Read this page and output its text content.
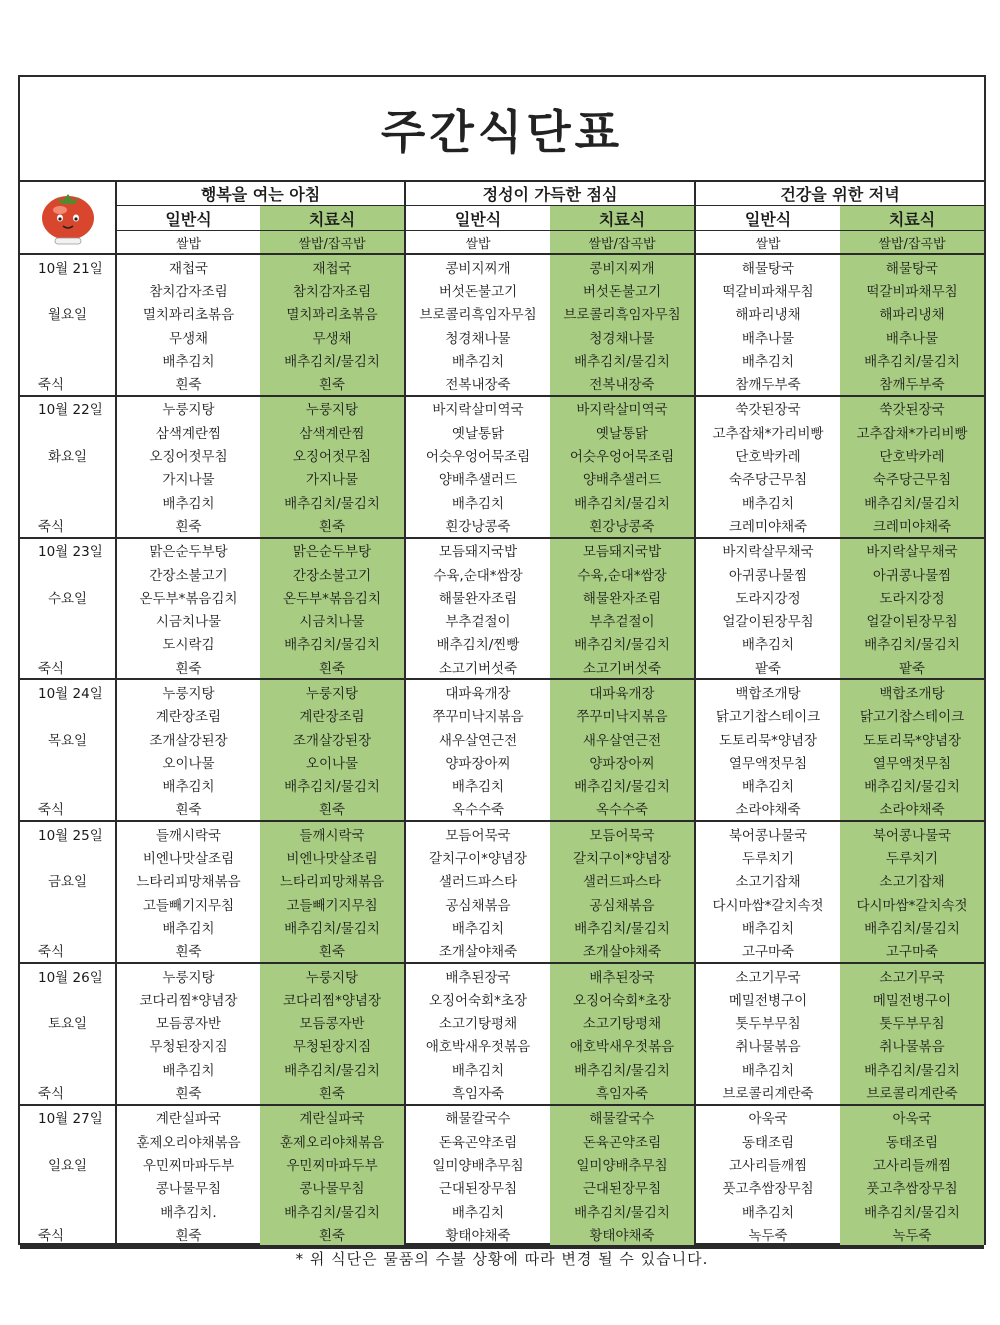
주간식단표
	행복을 여는 아침		정성이 가득한 점심		건강을 위한 저녁	
	일반식	치료식	일반식	치료식	일반식	치료식
	쌀밥	쌀밥/잡곡밥	쌀밥	쌀밥/잡곡밥	쌀밥	쌀밥/잡곡밥
10월 21일	재첩국	재첩국	콩비지찌개	콩비지찌개	해물탕국	해물탕국
	참치감자조림	참치감자조림	버섯돈불고기	버섯돈불고기	떡갈비파채무침	떡갈비파채무침
월요일	멸치꽈리초볶음	멸치꽈리초볶음	브로콜리흑임자무침	브로콜리흑임자무침	해파리냉채	해파리냉채
	무생채	무생채	청경채나물	청경채나물	배추나물	배추나물
	배추김치	배추김치/물김치	배추김치	배추김치/물김치	배추김치	배추김치/물김치
죽식	흰죽	흰죽	전복내장죽	전복내장죽	참깨두부죽	참깨두부죽
10월 22일	누룽지탕	누룽지탕	바지락살미역국	바지락살미역국	쑥갓된장국	쑥갓된장국
	삼색계란찜	삼색계란찜	옛날통닭	옛날통닭	고추잡채*가리비빵	고추잡채*가리비빵
화요일	오징어젓무침	오징어젓무침	어슷우엉어묵조림	어슷우엉어묵조림	단호박카레	단호박카레
	가지나물	가지나물	양배추샐러드	양배추샐러드	숙주당근무침	숙주당근무침
	배추김치	배추김치/물김치	배추김치	배추김치/물김치	배추김치	배추김치/물김치
죽식	흰죽	흰죽	흰강낭콩죽	흰강낭콩죽	크레미야채죽	크레미야채죽
10월 23일	맑은순두부탕	맑은순두부탕	모듬돼지국밥	모듬돼지국밥	바지락살무채국	바지락살무채국
	간장소불고기	간장소불고기	수육,순대*쌈장	수육,순대*쌈장	아귀콩나물찜	아귀콩나물찜
수요일	온두부*볶음김치	온두부*볶음김치	해물완자조림	해물완자조림	도라지강정	도라지강정
	시금치나물	시금치나물	부추겉절이	부추겉절이	얼갈이된장무침	얼갈이된장무침
	도시락김	배추김치/물김치	배추김치/찐빵	배추김치/물김치	배추김치	배추김치/물김치
죽식	흰죽	흰죽	소고기버섯죽	소고기버섯죽	팥죽	팥죽
10월 24일	누룽지탕	누룽지탕	대파육개장	대파육개장	백합조개탕	백합조개탕
	계란장조림	계란장조림	쭈꾸미낙지볶음	쭈꾸미낙지볶음	닭고기찹스테이크	닭고기찹스테이크
목요일	조개살강된장	조개살강된장	새우살연근전	새우살연근전	도토리묵*양념장	도토리묵*양념장
	오이나물	오이나물	양파장아찌	양파장아찌	열무액젓무침	열무액젓무침
	배추김치	배추김치/물김치	배추김치	배추김치/물김치	배추김치	배추김치/물김치
죽식	흰죽	흰죽	옥수수죽	옥수수죽	소라야채죽	소라야채죽
10월 25일	들깨시락국	들깨시락국	모듬어묵국	모듬어묵국	북어콩나물국	북어콩나물국
	비엔나맛살조림	비엔나맛살조림	갈치구이*양념장	갈치구이*양념장	두루치기	두루치기
금요일	느타리피망채볶음	느타리피망채볶음	샐러드파스타	샐러드파스타	소고기잡채	소고기잡채
	고들빼기지무침	고들빼기지무침	공심채볶음	공심채볶음	다시마쌈*갈치속젓	다시마쌈*갈치속젓
	배추김치	배추김치/물김치	배추김치	배추김치/물김치	배추김치	배추김치/물김치
죽식	흰죽	흰죽	조개살야채죽	조개살야채죽	고구마죽	고구마죽
10월 26일	누룽지탕	누룽지탕	배추된장국	배추된장국	소고기무국	소고기무국
	코다리찜*양념장	코다리찜*양념장	오징어숙회*초장	오징어숙회*초장	메밀전병구이	메밀전병구이
토요일	모듬콩자반	모듬콩자반	소고기탕평채	소고기탕평채	톳두부무침	톳두부무침
	무청된장지짐	무청된장지짐	애호박새우젓볶음	애호박새우젓볶음	취나물볶음	취나물볶음
	배추김치	배추김치/물김치	배추김치	배추김치/물김치	배추김치	배추김치/물김치
죽식	흰죽	흰죽	흑임자죽	흑임자죽	브로콜리계란죽	브로콜리계란죽
10월 27일	계란실파국	계란실파국	해물칼국수	해물칼국수	아욱국	아욱국
	훈제오리야채볶음	훈제오리야채볶음	돈육곤약조림	돈육곤약조림	동태조림	동태조림
일요일	우민찌마파두부	우민찌마파두부	일미양배추무침	일미양배추무침	고사리들깨찜	고사리들깨찜
	콩나물무침	콩나물무침	근대된장무침	근대된장무침	풋고추쌈장무침	풋고추쌈장무침
	배추김치.	배추김치/물김치	배추김치	배추김치/물김치	배추김치	배추김치/물김치
죽식	흰죽	흰죽	황태야채죽	황태야채죽	녹두죽	녹두죽
* 위 식단은 물품의 수불 상황에 따라 변경 될 수 있습니다.
